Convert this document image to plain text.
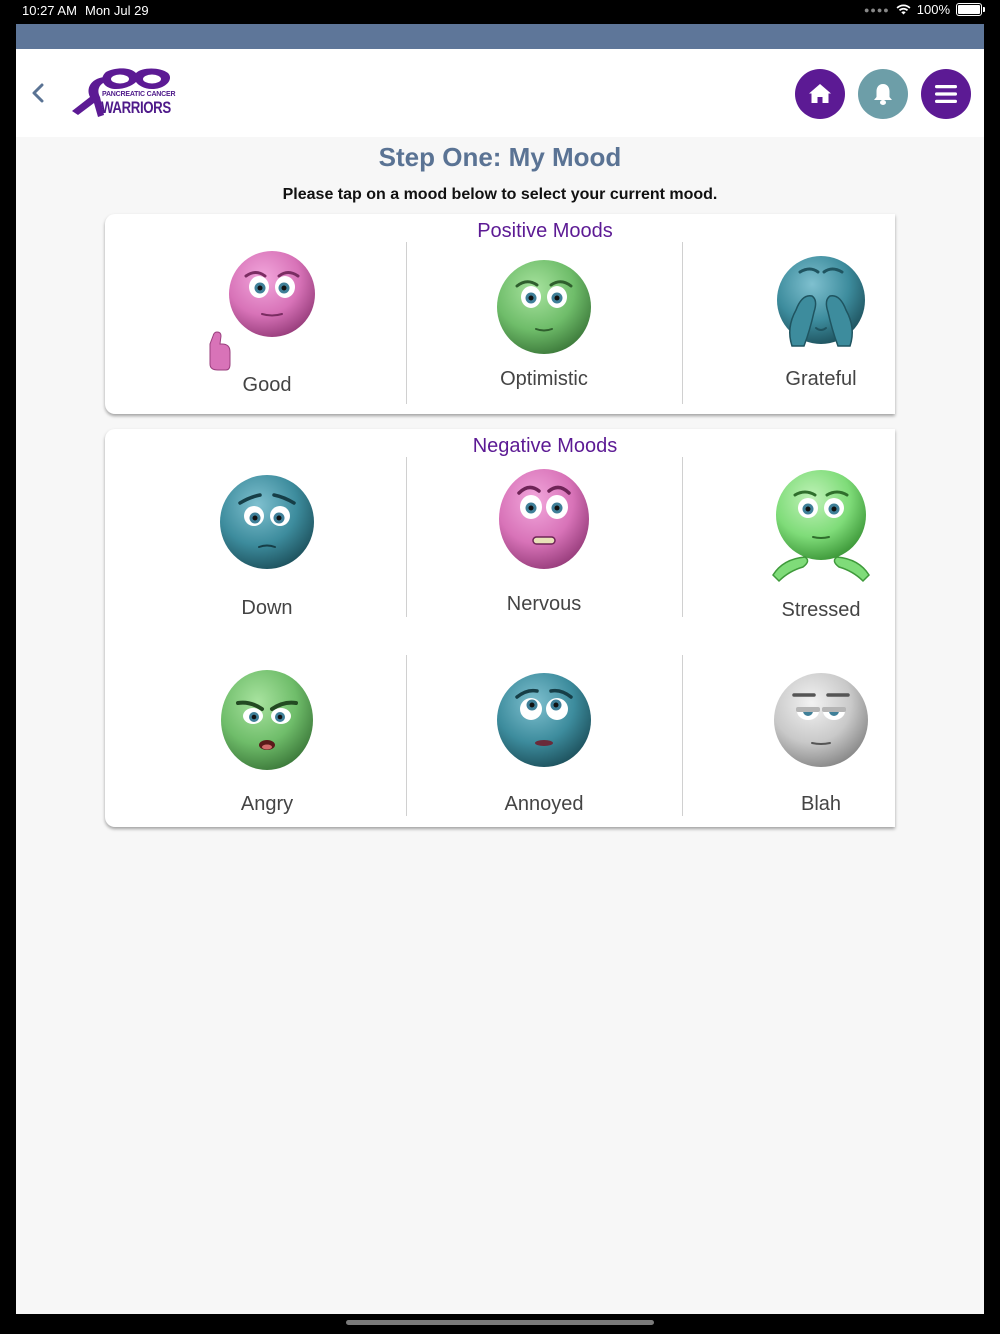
10:27 AM Mon Jul 29	●●●● 100%
PANCREATIC CANCER
WARRIORS
Step One: My Mood
Please tap on a mood below to select your current mood.
Positive Moods
Good	Optimistic	Grateful
Negative Moods
Down	Nervous	Stressed
Angry	Annoyed	Blah
